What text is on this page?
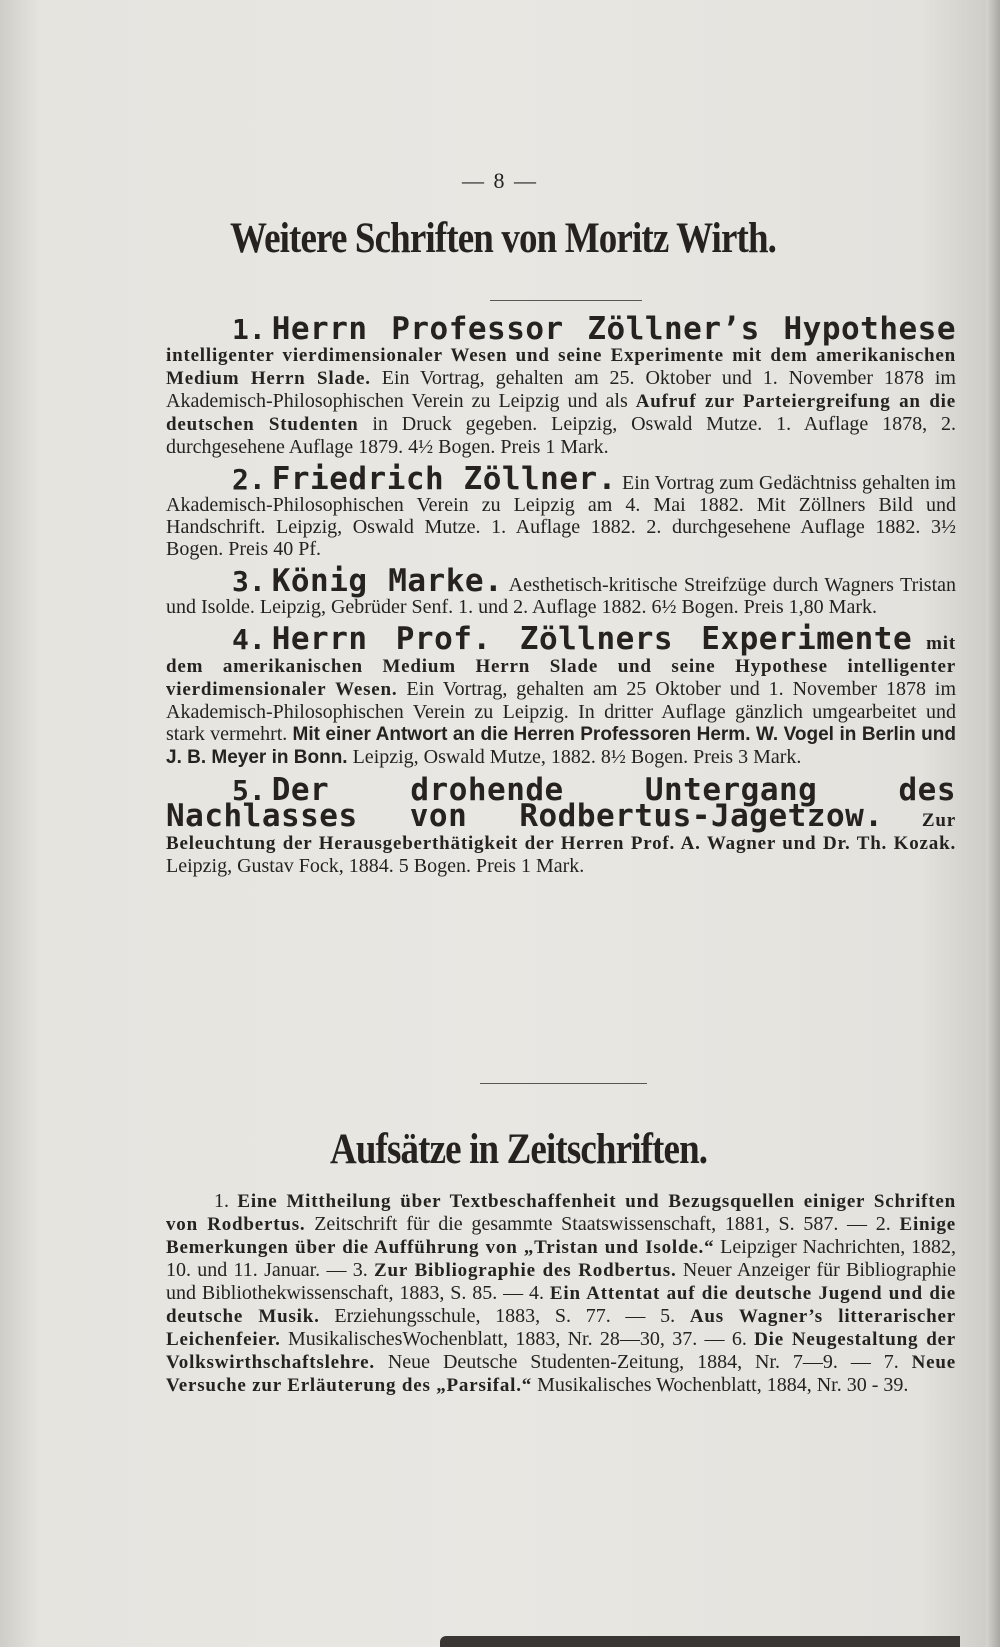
— 8 —
Weitere Schriften von Moritz Wirth.
1. Herrn Professor Zöllner’s Hypothese intelligenter vierdimensionaler Wesen und seine Experimente mit dem amerikanischen Medium Herrn Slade. Ein Vortrag, gehalten am 25. Oktober und 1. November 1878 im Akademisch-Philosophischen Verein zu Leipzig und als Aufruf zur Parteiergreifung an die deutschen Studenten in Druck gegeben. Leipzig, Oswald Mutze. 1. Auflage 1878, 2. durchgesehene Auflage 1879. 4½ Bogen. Preis 1 Mark.
2. Friedrich Zöllner. Ein Vortrag zum Gedächtniss gehalten im Akademisch-Philosophischen Verein zu Leipzig am 4. Mai 1882. Mit Zöllners Bild und Handschrift. Leipzig, Oswald Mutze. 1. Auflage 1882. 2. durchgesehene Auflage 1882. 3½ Bogen. Preis 40 Pf.
3. König Marke. Aesthetisch-kritische Streifzüge durch Wagners Tristan und Isolde. Leipzig, Gebrüder Senf. 1. und 2. Auflage 1882. 6½ Bogen. Preis 1,80 Mark.
4. Herrn Prof. Zöllners Experimente mit dem amerikanischen Medium Herrn Slade und seine Hypothese intelligenter vierdimensionaler Wesen. Ein Vortrag, gehalten am 25 Oktober und 1. November 1878 im Akademisch-Philosophischen Verein zu Leipzig. In dritter Auflage gänzlich umgearbeitet und stark vermehrt. Mit einer Antwort an die Herren Professoren Herm. W. Vogel in Berlin und J. B. Meyer in Bonn. Leipzig, Oswald Mutze, 1882. 8½ Bogen. Preis 3 Mark.
5. Der drohende Untergang des Nachlasses von Rodbertus-Jagetzow. Zur Beleuchtung der Herausgeberthätigkeit der Herren Prof. A. Wagner und Dr. Th. Kozak. Leipzig, Gustav Fock, 1884. 5 Bogen. Preis 1 Mark.
Aufsätze in Zeitschriften.
1. Eine Mittheilung über Textbeschaffenheit und Bezugsquellen einiger Schriften von Rodbertus. Zeitschrift für die gesammte Staatswissenschaft, 1881, S. 587. — 2. Einige Bemerkungen über die Aufführung von „Tristan und Isolde.“ Leipziger Nachrichten, 1882, 10. und 11. Januar. — 3. Zur Bibliographie des Rodbertus. Neuer Anzeiger für Bibliographie und Bibliothekwissenschaft, 1883, S. 85. — 4. Ein Attentat auf die deutsche Jugend und die deutsche Musik. Erziehungsschule, 1883, S. 77. — 5. Aus Wagner’s litterarischer Leichenfeier. MusikalischesWochenblatt, 1883, Nr. 28—30, 37. — 6. Die Neugestaltung der Volkswirthschaftslehre. Neue Deutsche Studenten-Zeitung, 1884, Nr. 7—9. — 7. Neue Versuche zur Erläuterung des „Parsifal.“ Musikalisches Wochenblatt, 1884, Nr. 30 - 39.
